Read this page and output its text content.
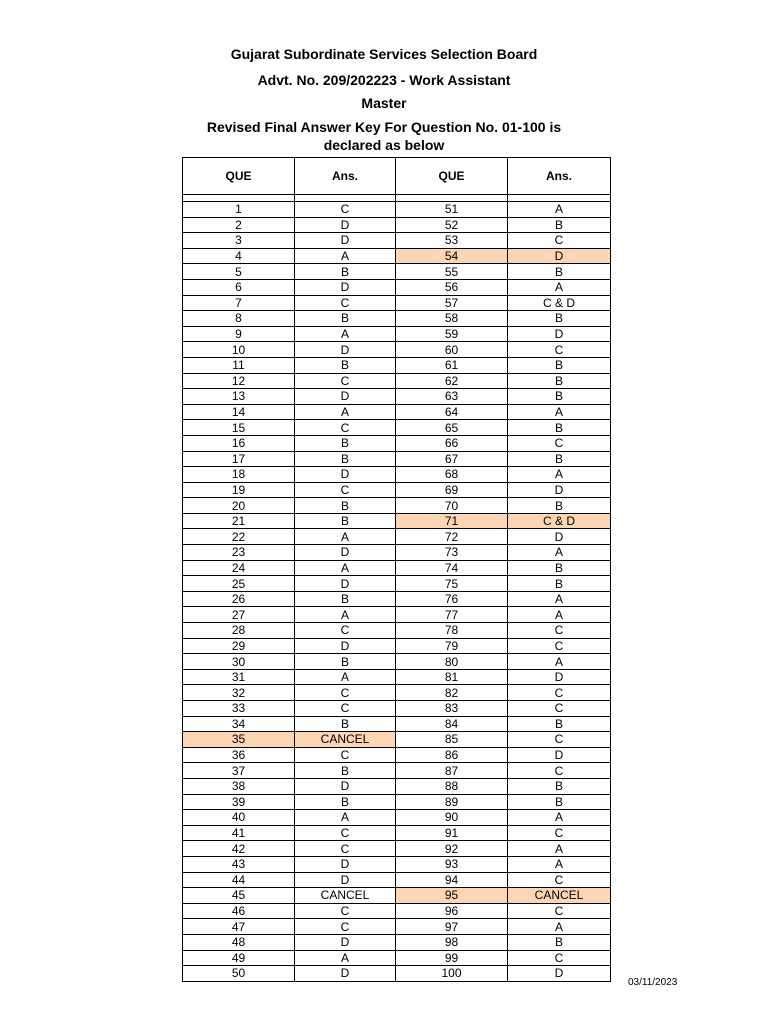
Gujarat Subordinate Services Selection Board
Advt. No. 209/202223 - Work Assistant
Master
Revised Final Answer Key For Question No. 01-100 is
declared as below
QUE	Ans.	QUE	Ans.

1	C	51	A
2	D	52	B
3	D	53	C
4	A	54	D
5	B	55	B
6	D	56	A
7	C	57	C & D
8	B	58	B
9	A	59	D
10	D	60	C
11	B	61	B
12	C	62	B
13	D	63	B
14	A	64	A
15	C	65	B
16	B	66	C
17	B	67	B
18	D	68	A
19	C	69	D
20	B	70	B
21	B	71	C & D
22	A	72	D
23	D	73	A
24	A	74	B
25	D	75	B
26	B	76	A
27	A	77	A
28	C	78	C
29	D	79	C
30	B	80	A
31	A	81	D
32	C	82	C
33	C	83	C
34	B	84	B
35	CANCEL	85	C
36	C	86	D
37	B	87	C
38	D	88	B
39	B	89	B
40	A	90	A
41	C	91	C
42	C	92	A
43	D	93	A
44	D	94	C
45	CANCEL	95	CANCEL
46	C	96	C
47	C	97	A
48	D	98	B
49	A	99	C
50	D	100	D
03/11/2023
